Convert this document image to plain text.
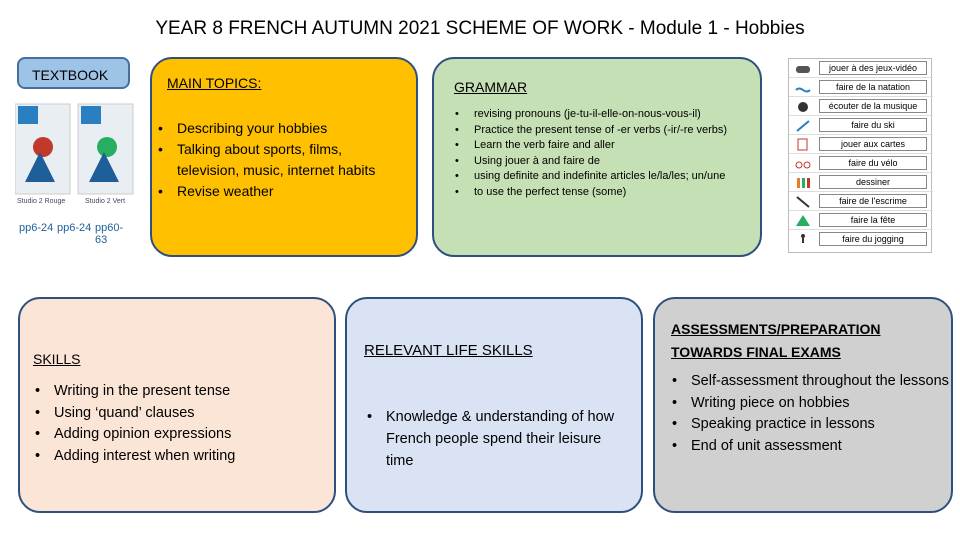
YEAR 8 FRENCH AUTUMN 2021 SCHEME OF WORK - Module 1 - Hobbies
TEXTBOOK
Studio 2 Rouge	Studio 2 Vert
pp6-24 pp6-24 pp60-63
MAIN TOPICS:
• Describing your hobbies
• Talking about sports, films, television, music, internet habits
• Revise weather
GRAMMAR
• revising pronouns (je-tu-il-elle-on-nous-vous-il)
• Practice the present tense of -er verbs (-ir/-re verbs)
• Learn the verb faire and aller
• Using jouer à and faire de
• using definite and indefinite articles le/la/les; un/une
• to use the perfect tense (some)
jouer à des jeux-vidéo
faire de la natation
écouter de la musique
faire du ski
jouer aux cartes
faire du vélo
dessiner
faire de l'escrime
faire la fête
faire du jogging
SKILLS
• Writing in the present tense
• Using ‘quand’ clauses
• Adding opinion expressions
• Adding interest when writing
RELEVANT LIFE SKILLS
• Knowledge & understanding of how French people spend their leisure time
ASSESSMENTS/PREPARATION TOWARDS FINAL EXAMS
• Self-assessment throughout the lessons
• Writing piece on hobbies
• Speaking practice in lessons
• End of unit assessment
